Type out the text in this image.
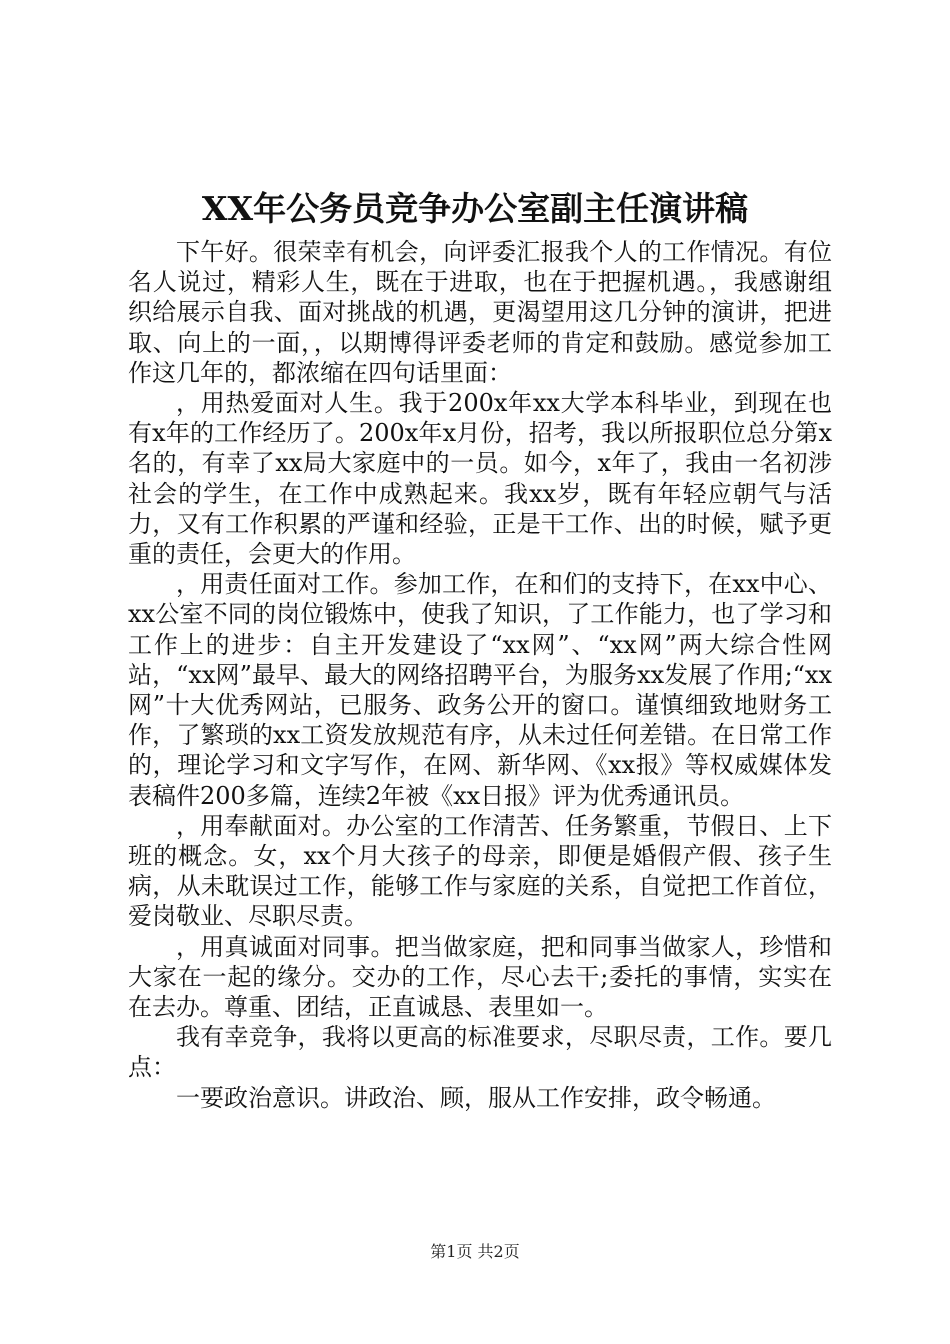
XX年公务员竞争办公室副主任演讲稿

下午好。很荣幸有机会，向评委汇报我个人的工作情况。有位名人说过，精彩人生，既在于进取，也在于把握机遇。，我感谢组织给展示自我、面对挑战的机遇，更渴望用这几分钟的演讲，把进取、向上的一面，，以期博得评委老师的肯定和鼓励。感觉参加工作这几年的，都浓缩在四句话里面：

，用热爱面对人生。我于200x年xx大学本科毕业，到现在也有x年的工作经历了。200x年x月份，招考，我以所报职位总分第x名的，有幸了xx局大家庭中的一员。如今，x年了，我由一名初涉社会的学生，在工作中成熟起来。我xx岁，既有年轻应朝气与活力，又有工作积累的严谨和经验，正是干工作、出的时候，赋予更重的责任，会更大的作用。

，用责任面对工作。参加工作，在和们的支持下，在xx中心、xx公室不同的岗位锻炼中，使我了知识，了工作能力，也了学习和工作上的进步：自主开发建设了“xx网”、“xx网”两大综合性网站，“xx网”最早、最大的网络招聘平台，为服务xx发展了作用;“xx网”十大优秀网站，已服务、政务公开的窗口。谨慎细致地财务工作，了繁琐的xx工资发放规范有序，从未过任何差错。在日常工作的，理论学习和文字写作，在网、新华网、《xx报》等权威媒体发表稿件200多篇，连续2年被《xx日报》评为优秀通讯员。

，用奉献面对。办公室的工作清苦、任务繁重，节假日、上下班的概念。女，xx个月大孩子的母亲，即便是婚假产假、孩子生病，从未耽误过工作，能够工作与家庭的关系，自觉把工作首位，爱岗敬业、尽职尽责。

，用真诚面对同事。把当做家庭，把和同事当做家人，珍惜和大家在一起的缘分。交办的工作，尽心去干;委托的事情，实实在在去办。尊重、团结，正直诚恳、表里如一。

我有幸竞争，我将以更高的标准要求，尽职尽责，工作。要几点：

一要政治意识。讲政治、顾，服从工作安排，政令畅通。

第1页 共2页
